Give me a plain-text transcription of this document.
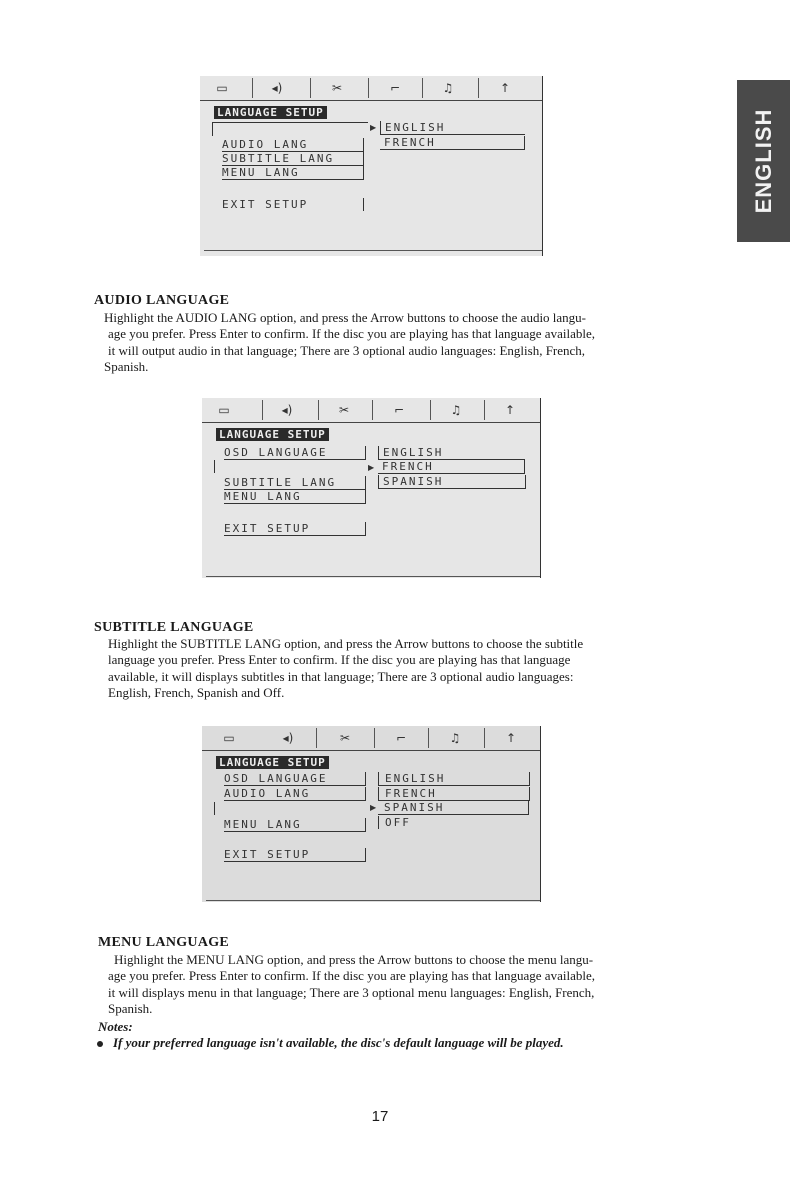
ENGLISH
▭	◂)	✂	⌐	♫	↑
LANGUAGE SETUP
AUDIO LANG
SUBTITLE LANG
MENU LANG
EXIT SETUP
▶ ENGLISH
FRENCH
AUDIO LANGUAGE
Highlight the AUDIO LANG option, and press the Arrow buttons to choose the audio langu-
age you prefer. Press Enter to confirm. If the disc you are playing has that language available,
it will output audio in that language; There are 3 optional audio languages: English, French,
Spanish.
▭	◂)	✂	⌐	♫	↑
LANGUAGE SETUP
OSD LANGUAGE
SUBTITLE LANG
MENU LANG
EXIT SETUP
▶
ENGLISH
FRENCH
SPANISH
SUBTITLE LANGUAGE
Highlight the SUBTITLE LANG option, and press the Arrow buttons to choose the subtitle
language you prefer. Press Enter to confirm. If the disc you are playing has that language
available, it will displays subtitles in that language; There are 3 optional audio languages:
English, French, Spanish and Off.
▭	◂)	✂	⌐	♫	↑
LANGUAGE SETUP
OSD LANGUAGE
AUDIO LANG
MENU LANG
EXIT SETUP
▶
ENGLISH
FRENCH
SPANISH
OFF
MENU LANGUAGE
Highlight the MENU LANG option, and press the Arrow buttons to choose the menu langu-
age you prefer. Press Enter to confirm. If the disc you are playing has that language available,
it will displays menu in that language; There are 3 optional menu languages: English, French,
Spanish.
Notes:
If your preferred language isn't available, the disc's default language will be played.
17
